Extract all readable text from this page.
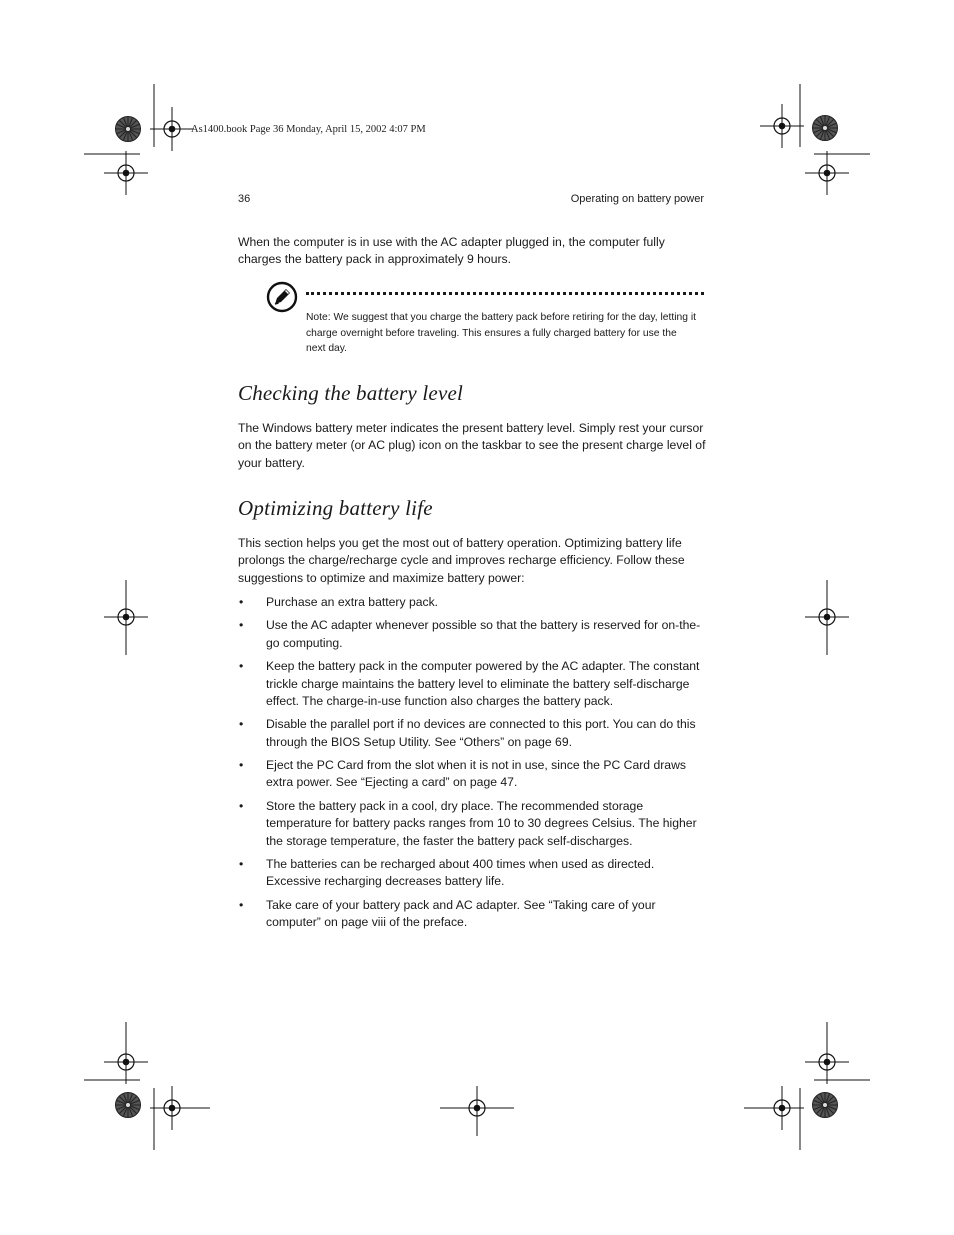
As1400.book Page 36 Monday, April 15, 2002 4:07 PM
36	Operating on battery power

When the computer is in use with the AC adapter plugged in, the computer fully charges the battery pack in approximately 9 hours.

Note: We suggest that you charge the battery pack before retiring for the day, letting it charge overnight before traveling. This ensures a fully charged battery for use the next day.

Checking the battery level

The Windows battery meter indicates the present battery level. Simply rest your cursor on the battery meter (or AC plug) icon on the taskbar to see the present charge level of your battery.

Optimizing battery life

This section helps you get the most out of battery operation. Optimizing battery life prolongs the charge/recharge cycle and improves recharge efficiency. Follow these suggestions to optimize and maximize battery power:

• Purchase an extra battery pack.
• Use the AC adapter whenever possible so that the battery is reserved for on-the-go computing.
• Keep the battery pack in the computer powered by the AC adapter. The constant trickle charge maintains the battery level to eliminate the battery self-discharge effect. The charge-in-use function also charges the battery pack.
• Disable the parallel port if no devices are connected to this port. You can do this through the BIOS Setup Utility. See “Others” on page 69.
• Eject the PC Card from the slot when it is not in use, since the PC Card draws extra power. See “Ejecting a card” on page 47.
• Store the battery pack in a cool, dry place. The recommended storage temperature for battery packs ranges from 10 to 30 degrees Celsius. The higher the storage temperature, the faster the battery pack self-discharges.
• The batteries can be recharged about 400 times when used as directed. Excessive recharging decreases battery life.
• Take care of your battery pack and AC adapter. See “Taking care of your computer” on page viii of the preface.
